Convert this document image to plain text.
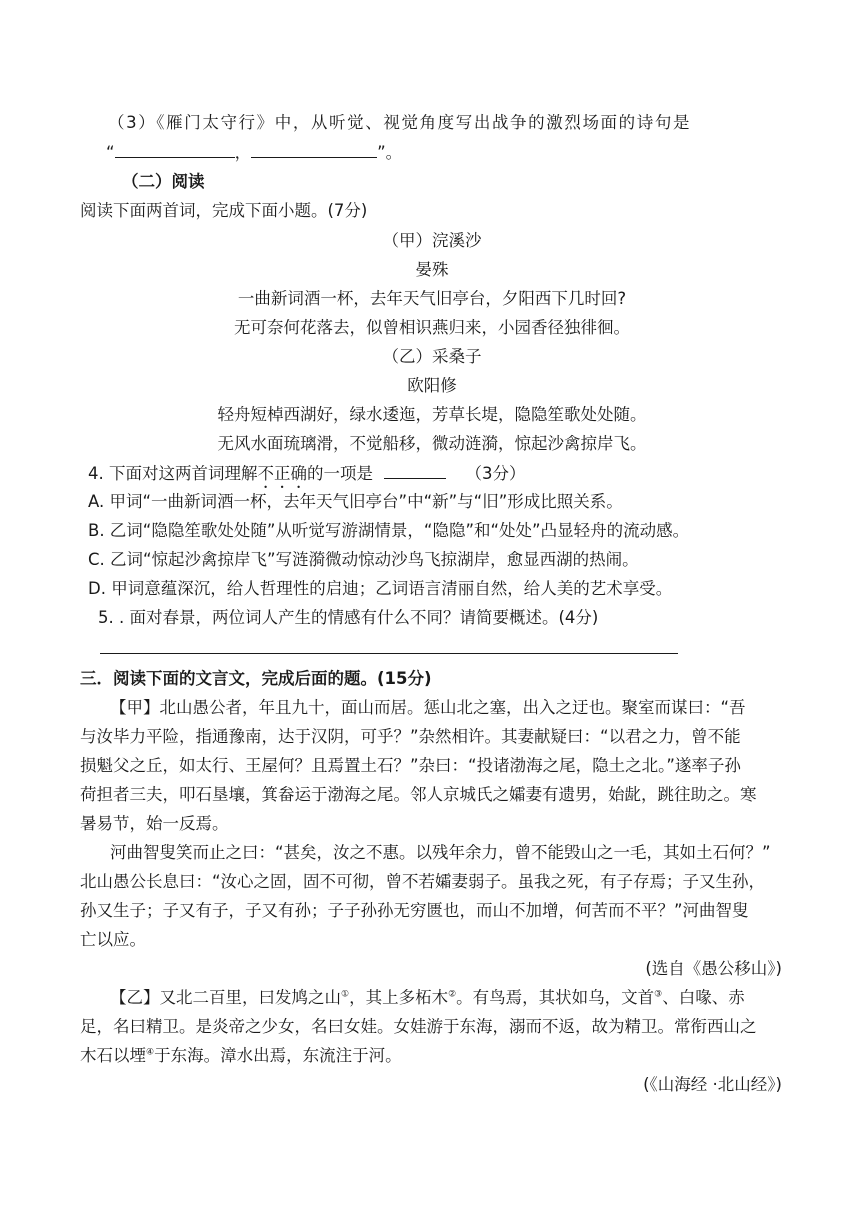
（3）《雁门太守行》中，从听觉、视觉角度写出战争的激烈场面的诗句是
“	，	”。
（二）阅读
阅读下面两首词，完成下面小题。(7分)
（甲）浣溪沙
晏殊
一曲新词酒一杯，去年天气旧亭台，夕阳西下几时回?
无可奈何花落去，似曾相识燕归来，小园香径独徘徊。
（乙）采桑子
欧阳修
轻舟短棹西湖好，绿水逶迤，芳草长堤，隐隐笙歌处处随。
无风水面琉璃滑，不觉船移，微动涟漪，惊起沙禽掠岸飞。
4. 下面对这两首词理解不正确的一项是	（3分）
A. 甲词“一曲新词酒一杯，去年天气旧亭台”中“新”与“旧”形成比照关系。
B. 乙词“隐隐笙歌处处随”从听觉写游湖情景，“隐隐”和“处处”凸显轻舟的流动感。
C. 乙词“惊起沙禽掠岸飞”写涟漪微动惊动沙鸟飞掠湖岸，愈显西湖的热闹。
D. 甲词意蕴深沉，给人哲理性的启迪；乙词语言清丽自然，给人美的艺术享受。
5. . 面对春景，两位词人产生的情感有什么不同？请简要概述。(4分)
三．阅读下面的文言文，完成后面的题。(15分)
【甲】北山愚公者，年且九十，面山而居。惩山北之塞，出入之迂也。聚室而谋曰：“吾
与汝毕力平险，指通豫南，达于汉阴，可乎？”杂然相许。其妻献疑曰：“以君之力，曾不能
损魁父之丘，如太行、王屋何？且焉置土石？”杂曰：“投诸渤海之尾，隐土之北。”遂率子孙
荷担者三夫，叩石垦壤，箕畚运于渤海之尾。邻人京城氏之孀妻有遗男，始龀，跳往助之。寒
暑易节，始一反焉。
河曲智叟笑而止之曰：“甚矣，汝之不惠。以残年余力，曾不能毁山之一毛，其如土石何？”
北山愚公长息曰：“汝心之固，固不可彻，曾不若孀妻弱子。虽我之死，有子存焉；子又生孙，
孙又生子；子又有子，子又有孙；子子孙孙无穷匮也，而山不加增，何苦而不平？”河曲智叟
亡以应。
(选自《愚公移山》)
【乙】又北二百里，曰发鸠之山①，其上多柘木②。有鸟焉，其状如乌，文首③、白喙、赤
足，名曰精卫。是炎帝之少女，名曰女娃。女娃游于东海，溺而不返，故为精卫。常衔西山之
木石以堙④于东海。漳水出焉，东流注于河。
(《山海经 ·北山经》)
